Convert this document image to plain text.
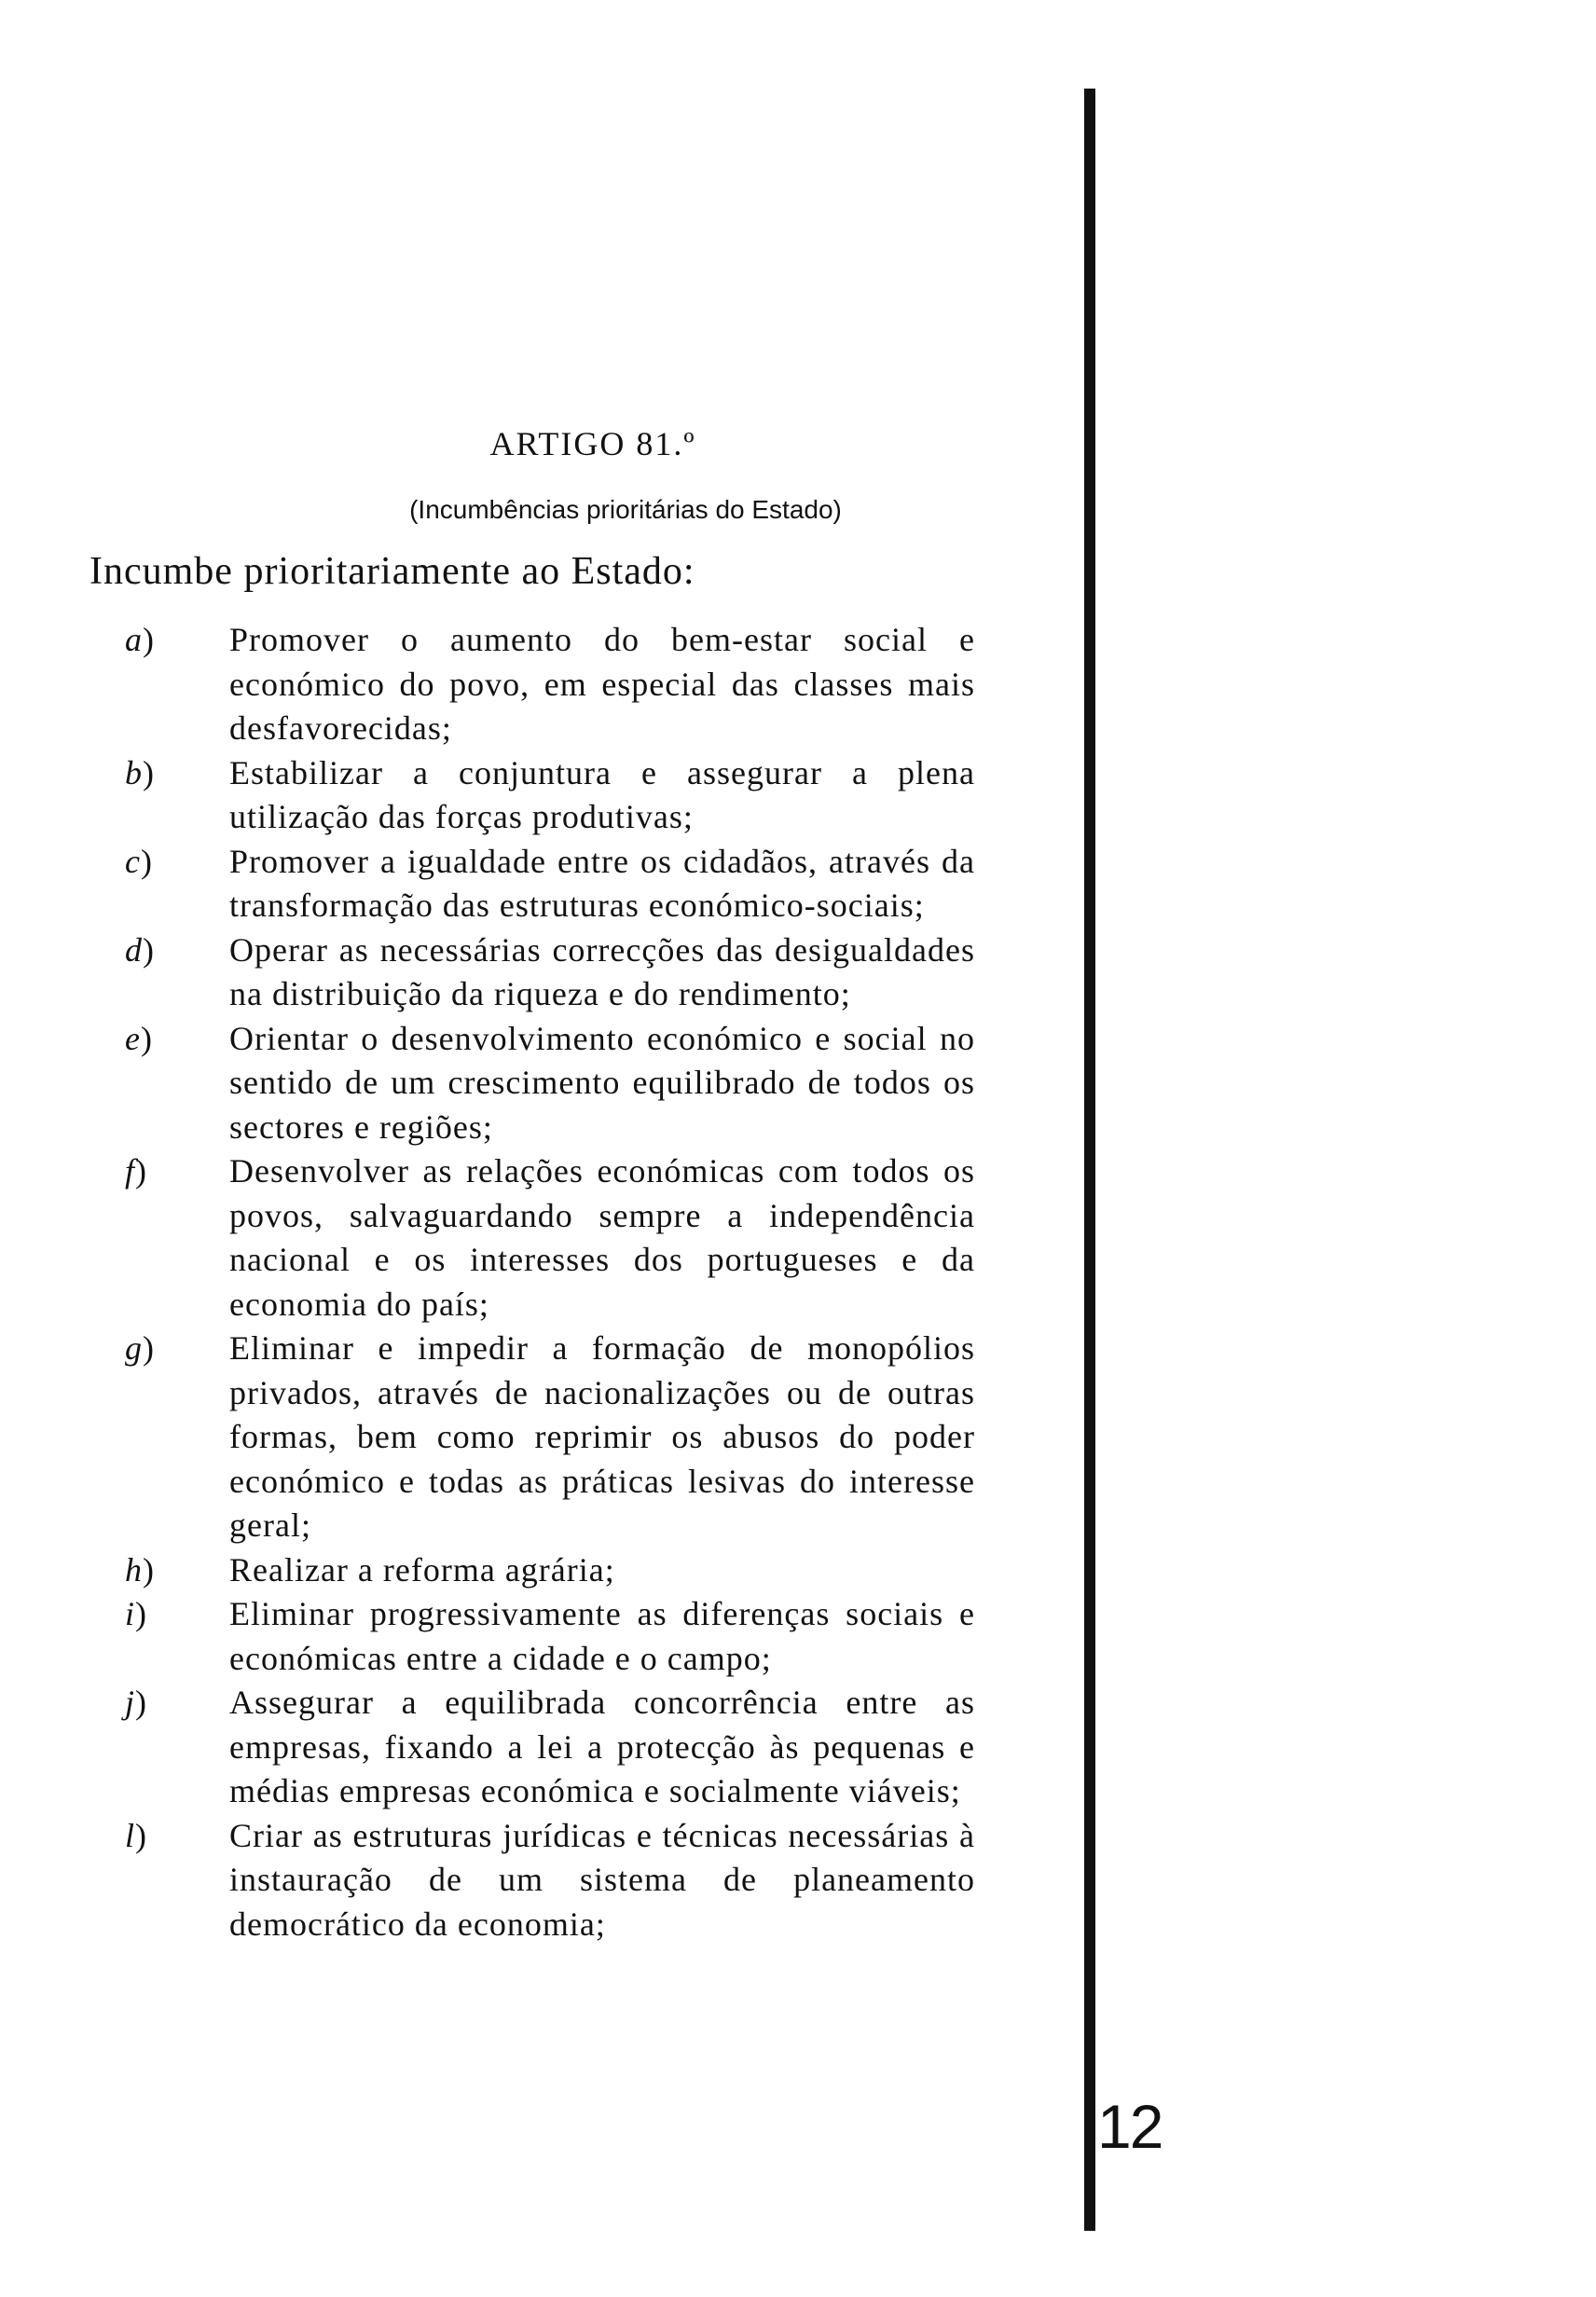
12
ARTIGO 81.º
(Incumbências prioritárias do Estado)
Incumbe prioritariamente ao Estado:
a) Promover o aumento do bem-estar social e económico do povo, em especial das classes mais desfavorecidas;
b) Estabilizar a conjuntura e assegurar a plena utilização das forças produtivas;
c) Promover a igualdade entre os cidadãos, através da transformação das estruturas económico-sociais;
d) Operar as necessárias correcções das desigualdades na distribuição da riqueza e do rendimento;
e) Orientar o desenvolvimento económico e social no sentido de um crescimento equilibrado de todos os sectores e regiões;
f) Desenvolver as relações económicas com todos os povos, salvaguardando sempre a independência nacional e os interesses dos portugueses e da economia do país;
g) Eliminar e impedir a formação de monopólios privados, através de nacionalizações ou de outras formas, bem como reprimir os abusos do poder económico e todas as práticas lesivas do interesse geral;
h) Realizar a reforma agrária;
i) Eliminar progressivamente as diferenças sociais e económicas entre a cidade e o campo;
j) Assegurar a equilibrada concorrência entre as empresas, fixando a lei a protecção às pequenas e médias empresas económica e socialmente viáveis;
l) Criar as estruturas jurídicas e técnicas necessárias à instauração de um sistema de planeamento democrático da economia;
